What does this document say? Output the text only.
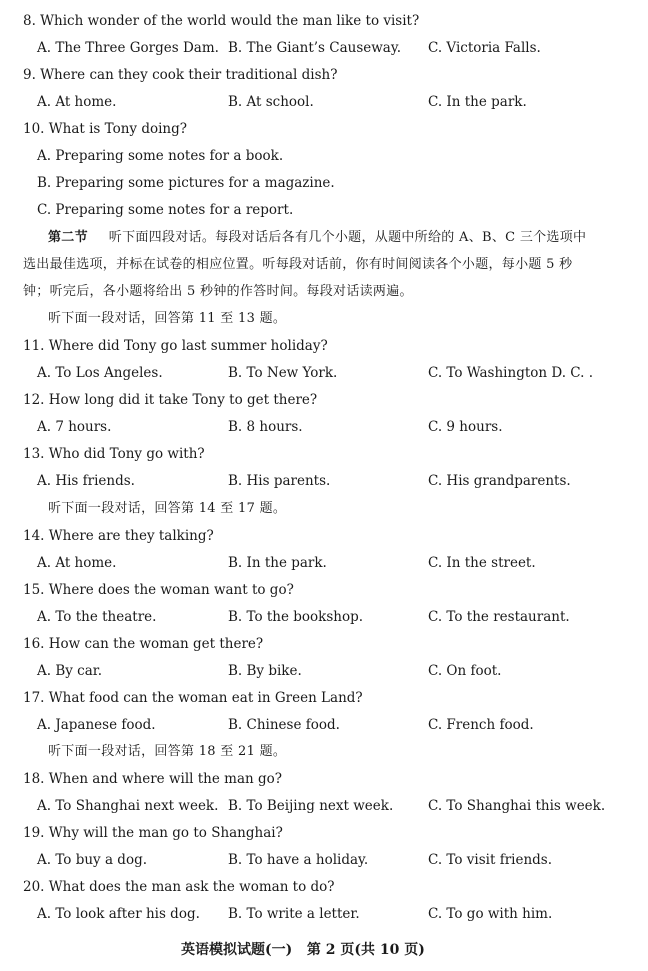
8. Which wonder of the world would the man like to visit?
A. The Three Gorges Dam. B. The Giant’s Causeway. C. Victoria Falls.
9. Where can they cook their traditional dish?
A. At home.	B. At school.	C. In the park.
10. What is Tony doing?
A. Preparing some notes for a book.
B. Preparing some pictures for a magazine.
C. Preparing some notes for a report.
第二节 听下面四段对话。每段对话后各有几个小题，从题中所给的 A、B、C 三个选项中
选出最佳选项，并标在试卷的相应位置。听每段对话前，你有时间阅读各个小题，每小题 5 秒
钟；听完后，各小题将给出 5 秒钟的作答时间。每段对话读两遍。
听下面一段对话，回答第 11 至 13 题。
11. Where did Tony go last summer holiday?
A. To Los Angeles.	B. To New York.	C. To Washington D. C. .
12. How long did it take Tony to get there?
A. 7 hours.	B. 8 hours.	C. 9 hours.
13. Who did Tony go with?
A. His friends.	B. His parents.	C. His grandparents.
听下面一段对话，回答第 14 至 17 题。
14. Where are they talking?
A. At home.	B. In the park.	C. In the street.
15. Where does the woman want to go?
A. To the theatre.	B. To the bookshop.	C. To the restaurant.
16. How can the woman get there?
A. By car.	B. By bike.	C. On foot.
17. What food can the woman eat in Green Land?
A. Japanese food.	B. Chinese food.	C. French food.
听下面一段对话，回答第 18 至 21 题。
18. When and where will the man go?
A. To Shanghai next week. B. To Beijing next week.	C. To Shanghai this week.
19. Why will the man go to Shanghai?
A. To buy a dog.	B. To have a holiday.	C. To visit friends.
20. What does the man ask the woman to do?
A. To look after his dog. B. To write a letter.	C. To go with him.
英语模拟试题(一)   第 2 页(共 10 页)
